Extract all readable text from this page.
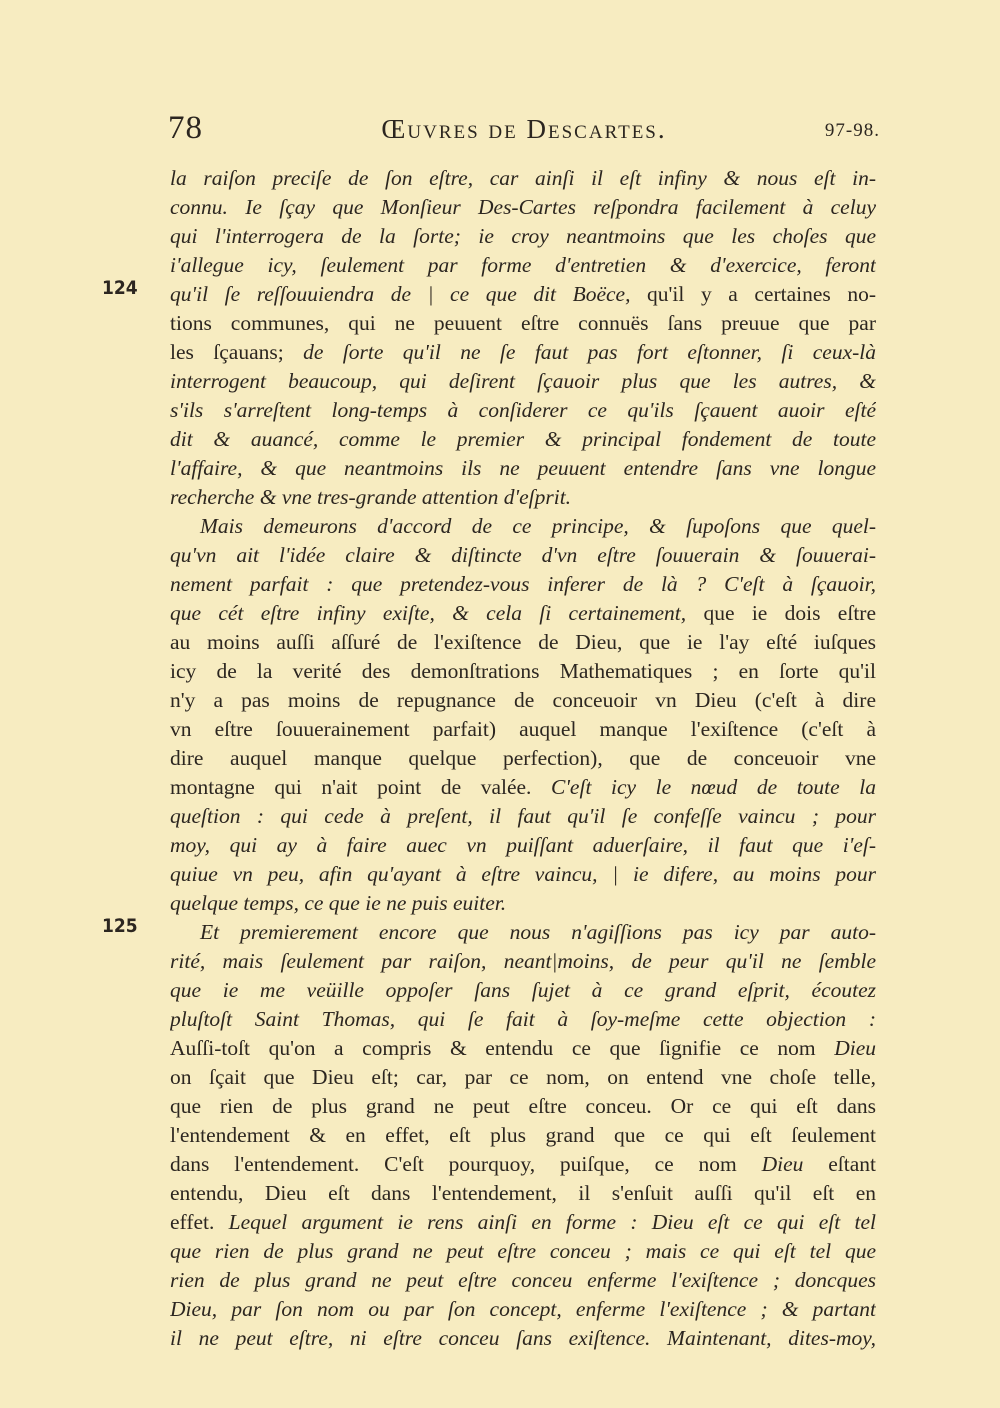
78	Œuvres de Descartes.	97-98.
124
125
la raiſon preciſe de ſon eſtre, car ainſi il eſt infiny & nous eſt in-
connu. Ie ſçay que Monſieur Des-Cartes reſpondra facilement à celuy
qui l'interrogera de la ſorte; ie croy neantmoins que les choſes que
i'allegue icy, ſeulement par forme d'entretien & d'exercice, feront
qu'il ſe reſſouuiendra de | ce que dit Boëce, qu'il y a certaines no-
tions communes, qui ne peuuent eſtre connuës ſans preuue que par
les ſçauans; de ſorte qu'il ne ſe faut pas fort eſtonner, ſi ceux-là
interrogent beaucoup, qui deſirent ſçauoir plus que les autres, &
s'ils s'arreſtent long-temps à conſiderer ce qu'ils ſçauent auoir eſté
dit & auancé, comme le premier & principal fondement de toute
l'affaire, & que neantmoins ils ne peuuent entendre ſans vne longue
recherche & vne tres-grande attention d'eſprit.
Mais demeurons d'accord de ce principe, & ſupoſons que quel-
qu'vn ait l'idée claire & diſtincte d'vn eſtre ſouuerain & ſouuerai-
nement parfait : que pretendez-vous inferer de là ? C'eſt à ſçauoir,
que cét eſtre infiny exiſte, & cela ſi certainement, que ie dois eſtre
au moins auſſi aſſuré de l'exiſtence de Dieu, que ie l'ay eſté iuſques
icy de la verité des demonſtrations Mathematiques ; en ſorte qu'il
n'y a pas moins de repugnance de conceuoir vn Dieu (c'eſt à dire
vn eſtre ſouuerainement parfait) auquel manque l'exiſtence (c'eſt à
dire auquel manque quelque perfection), que de conceuoir vne
montagne qui n'ait point de valée. C'eſt icy le nœud de toute la
queſtion : qui cede à preſent, il faut qu'il ſe confeſſe vaincu ; pour
moy, qui ay à faire auec vn puiſſant aduerſaire, il faut que i'eſ-
quiue vn peu, afin qu'ayant à eſtre vaincu, | ie difere, au moins pour
quelque temps, ce que ie ne puis euiter.
Et premierement encore que nous n'agiſſions pas icy par auto-
rité, mais ſeulement par raiſon, neant|moins, de peur qu'il ne ſemble
que ie me veüille oppoſer ſans ſujet à ce grand eſprit, écoutez
pluſtoſt Saint Thomas, qui ſe fait à ſoy-meſme cette objection :
Auſſi-toſt qu'on a compris & entendu ce que ſignifie ce nom Dieu
on ſçait que Dieu eſt; car, par ce nom, on entend vne choſe telle,
que rien de plus grand ne peut eſtre conceu. Or ce qui eſt dans
l'entendement & en effet, eſt plus grand que ce qui eſt ſeulement
dans l'entendement. C'eſt pourquoy, puiſque, ce nom Dieu eſtant
entendu, Dieu eſt dans l'entendement, il s'enſuit auſſi qu'il eſt en
effet. Lequel argument ie rens ainſi en forme : Dieu eſt ce qui eſt tel
que rien de plus grand ne peut eſtre conceu ; mais ce qui eſt tel que
rien de plus grand ne peut eſtre conceu enferme l'exiſtence ; doncques
Dieu, par ſon nom ou par ſon concept, enferme l'exiſtence ; & partant
il ne peut eſtre, ni eſtre conceu ſans exiſtence. Maintenant, dites-moy,
